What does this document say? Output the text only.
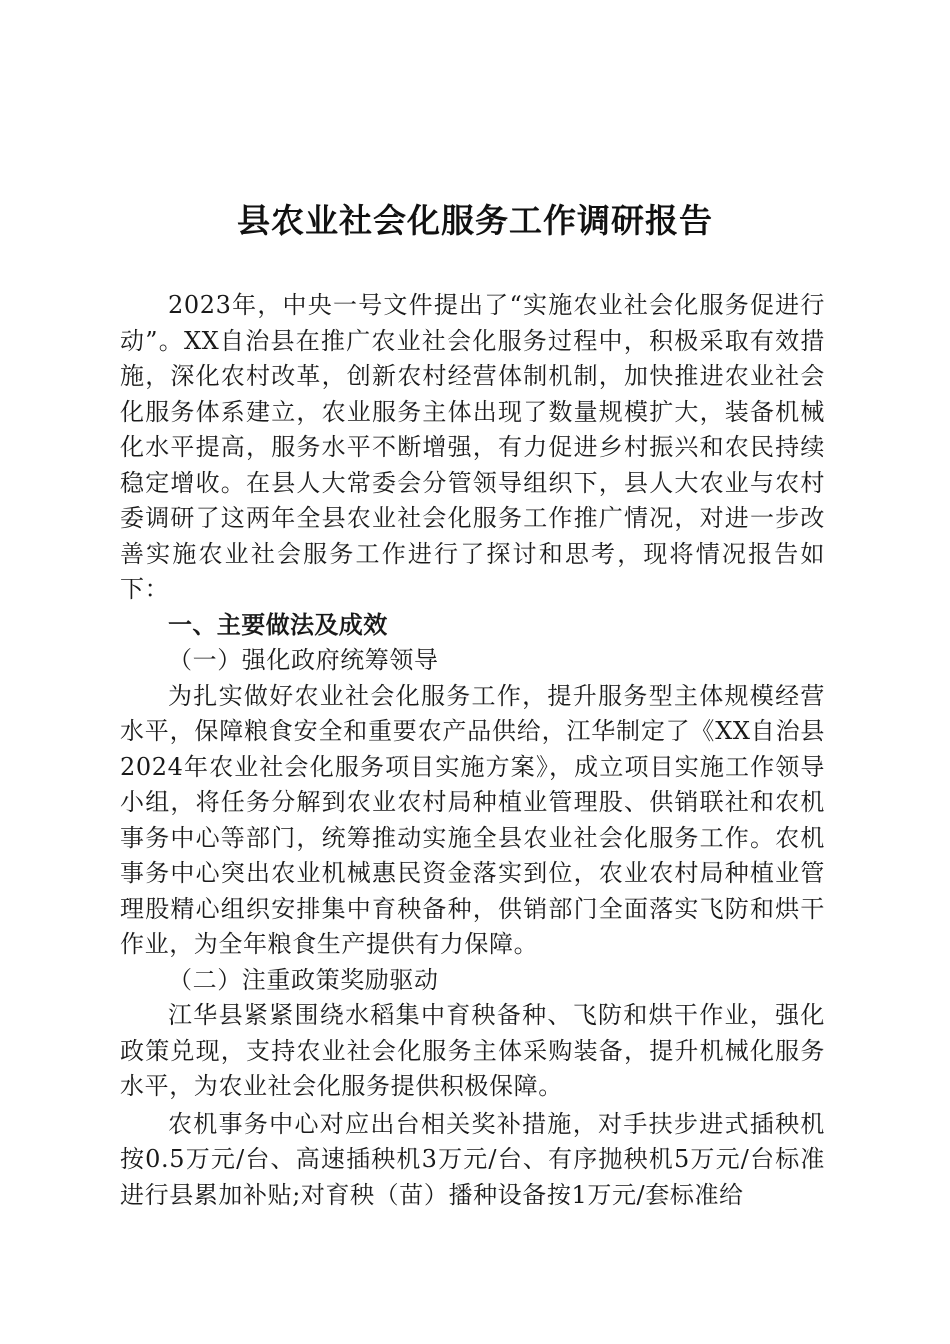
县农业社会化服务工作调研报告

2023年，中央一号文件提出了“实施农业社会化服务促进行动”。XX自治县在推广农业社会化服务过程中，积极采取有效措施，深化农村改革，创新农村经营体制机制，加快推进农业社会化服务体系建立，农业服务主体出现了数量规模扩大，装备机械化水平提高，服务水平不断增强，有力促进乡村振兴和农民持续稳定增收。在县人大常委会分管领导组织下，县人大农业与农村委调研了这两年全县农业社会化服务工作推广情况，对进一步改善实施农业社会服务工作进行了探讨和思考，现将情况报告如下：

一、主要做法及成效

（一）强化政府统筹领导

为扎实做好农业社会化服务工作，提升服务型主体规模经营水平，保障粮食安全和重要农产品供给，江华制定了《XX自治县2024年农业社会化服务项目实施方案》，成立项目实施工作领导小组，将任务分解到农业农村局种植业管理股、供销联社和农机事务中心等部门，统筹推动实施全县农业社会化服务工作。农机事务中心突出农业机械惠民资金落实到位，农业农村局种植业管理股精心组织安排集中育秧备种，供销部门全面落实飞防和烘干作业，为全年粮食生产提供有力保障。

（二）注重政策奖励驱动

江华县紧紧围绕水稻集中育秧备种、飞防和烘干作业，强化政策兑现，支持农业社会化服务主体采购装备，提升机械化服务水平，为农业社会化服务提供积极保障。

农机事务中心对应出台相关奖补措施，对手扶步进式插秧机按0.5万元/台、高速插秧机3万元/台、有序抛秧机5万元/台标准进行县累加补贴;对育秧（苗）播种设备按1万元/套标准给
